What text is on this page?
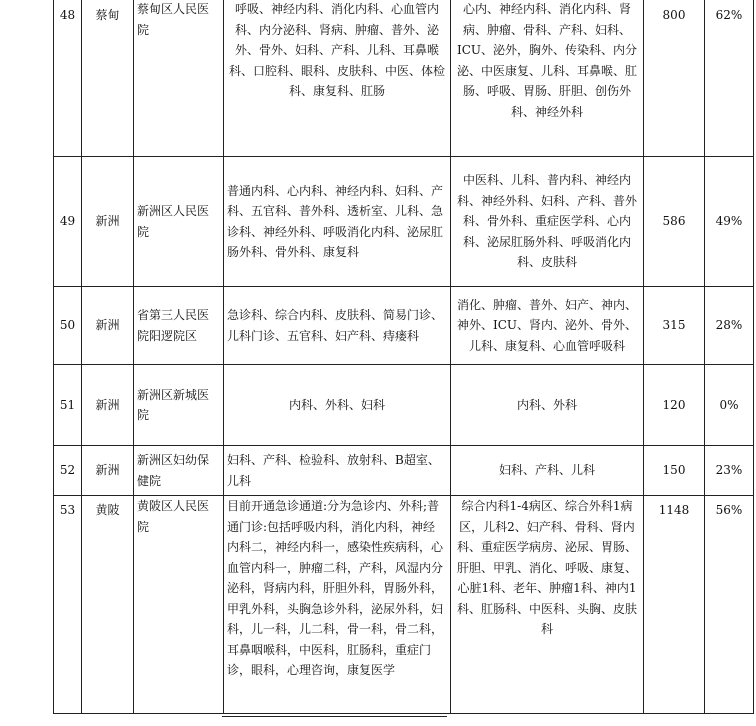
48	蔡甸	蔡甸区人民医院	呼吸、神经内科、消化内科、心血管内科、内分泌科、肾病、肿瘤、普外、泌外、骨外、妇科、产科、儿科、耳鼻喉科、口腔科、眼科、皮肤科、中医、体检科、康复科、肛肠	心内、神经内科、消化内科、肾病、肿瘤、骨科、产科、妇科、ICU、泌外，胸外、传染科、内分泌、中医康复、儿科、耳鼻喉、肛肠、呼吸、胃肠、肝胆、创伤外科、神经外科	800	62%
49	新洲	新洲区人民医院	普通内科、心内科、神经内科、妇科、产科、五官科、普外科、透析室、儿科、急诊科、神经外科、呼吸消化内科、泌尿肛肠外科、骨外科、康复科	中医科、儿科、普内科、神经内科、神经外科、妇科、产科、普外科、骨外科、重症医学科、心内科、泌尿肛肠外科、呼吸消化内科、皮肤科	586	49%
50	新洲	省第三人民医院阳逻院区	急诊科、综合内科、皮肤科、简易门诊、儿科门诊、五官科、妇产科、痔瘘科	消化、肿瘤、普外、妇产、神内、神外、ICU、肾内、泌外、骨外、儿科、康复科、心血管呼吸科	315	28%
51	新洲	新洲区新城医院	内科、外科、妇科	内科、外科	120	0%
52	新洲	新洲区妇幼保健院	妇科、产科、检验科、放射科、B超室、儿科	妇科、产科、儿科	150	23%
53	黄陂	黄陂区人民医院	目前开通急诊通道:分为急诊内、外科;普通门诊:包括呼吸内科，消化内科，神经内科二，神经内科一，感染性疾病科，心血管内科一，肿瘤二科，产科，风湿内分泌科，肾病内科，肝胆外科，胃肠外科，甲乳外科，头胸急诊外科，泌尿外科，妇科，儿一科，儿二科，骨一科，骨二科，耳鼻咽喉科，中医科，肛肠科，重症门诊，眼科，心理咨询，康复医学	综合内科1-4病区、综合外科1病区，儿科2、妇产科、骨科、肾内科、重症医学病房、泌尿、胃肠、肝胆、甲乳、消化、呼吸、康复、心脏1科、老年、肿瘤1科、神内1科、肛肠科、中医科、头胸、皮肤科	1148	56%
